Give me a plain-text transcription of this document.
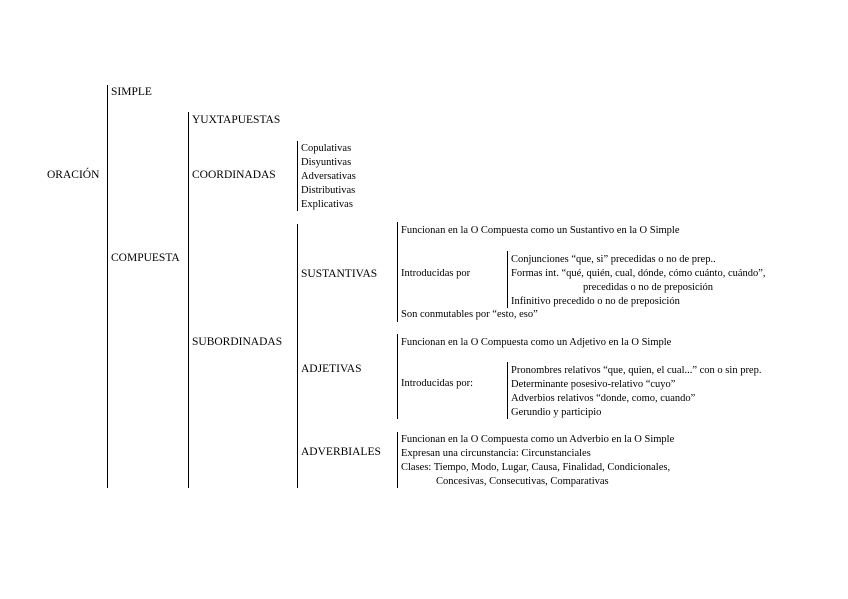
ORACIÓN
SIMPLE
COMPUESTA
YUXTAPUESTAS
COORDINADAS
SUBORDINADAS
Copulativas
Disyuntivas
Adversativas
Distributivas
Explicativas
SUSTANTIVAS
Funcionan en la O Compuesta como un Sustantivo en la O Simple
Introducidas por
Conjunciones “que, si” precedidas o no de prep..
Formas int. “qué, quién, cual, dónde, cómo cuánto, cuándo”,
precedidas o no de preposición
Infinitivo precedido o no de preposición
Son conmutables por “esto, eso”
ADJETIVAS
Funcionan en la O Compuesta como un Adjetivo en la O Simple
Introducidas por:
Pronombres relativos “que, quien, el cual...” con o sin prep.
Determinante posesivo-relativo “cuyo”
Adverbios relativos “donde, como, cuando”
Gerundio y participio
ADVERBIALES
Funcionan en la O Compuesta como un Adverbio en la O Simple
Expresan una circunstancia: Circunstanciales
Clases: Tiempo, Modo, Lugar, Causa, Finalidad, Condicionales,
Concesivas, Consecutivas, Comparativas
